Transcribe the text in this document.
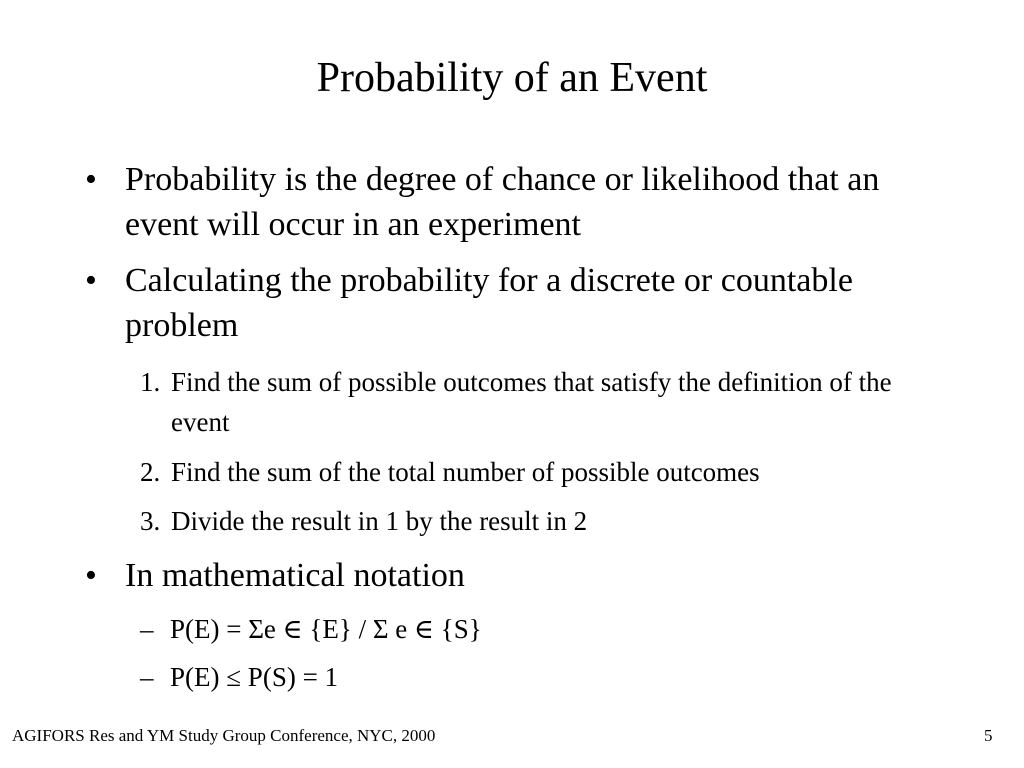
Probability of an Event
• Probability is the degree of chance or likelihood that an event will occur in an experiment
• Calculating the probability for a discrete or countable problem
1. Find the sum of possible outcomes that satisfy the definition of the event
2. Find the sum of the total number of possible outcomes
3. Divide the result in 1 by the result in 2
• In mathematical notation
– P(E) = Σe ∈ {E} / Σ e ∈ {S}
– P(E) ≤ P(S) = 1
AGIFORS Res and YM Study Group Conference, NYC, 2000	5
